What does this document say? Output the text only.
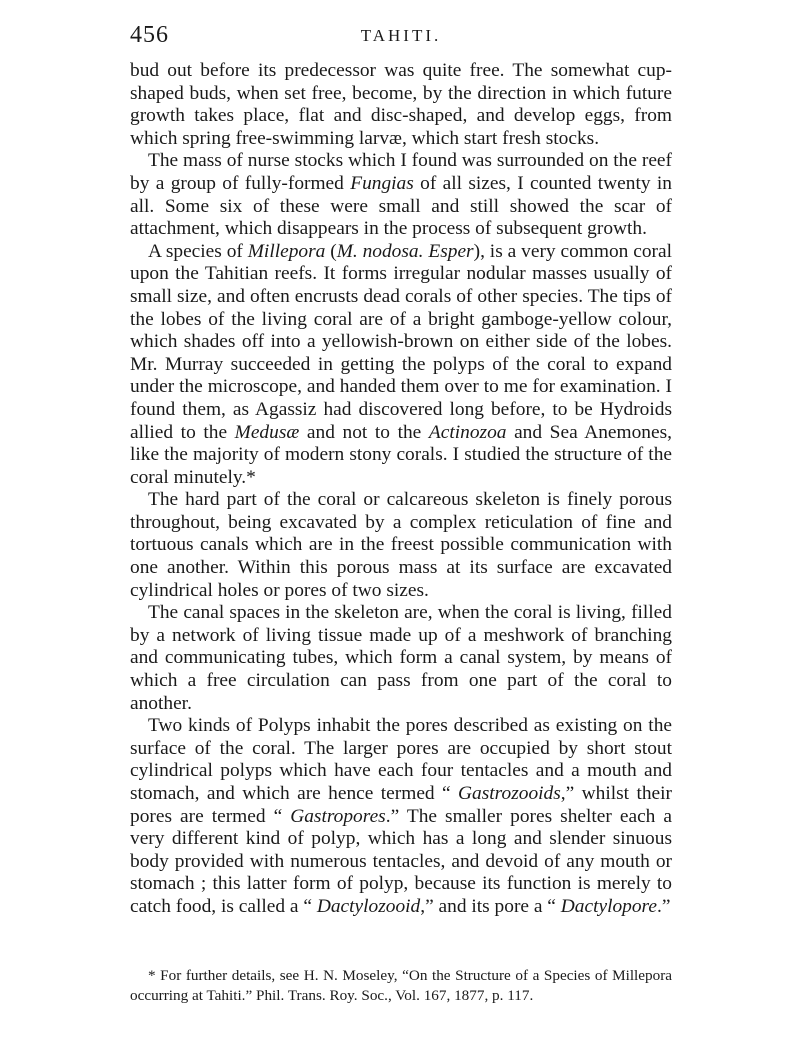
456	TAHITI.

bud out before its predecessor was quite free. The somewhat cup-shaped buds, when set free, become, by the direction in which future growth takes place, flat and disc-shaped, and develop eggs, from which spring free-swimming larvæ, which start fresh stocks.

The mass of nurse stocks which I found was surrounded on the reef by a group of fully-formed Fungias of all sizes, I counted twenty in all. Some six of these were small and still showed the scar of attachment, which disappears in the process of subsequent growth.

A species of Millepora (M. nodosa. Esper), is a very common coral upon the Tahitian reefs. It forms irregular nodular masses usually of small size, and often encrusts dead corals of other species. The tips of the lobes of the living coral are of a bright gamboge-yellow colour, which shades off into a yellowish-brown on either side of the lobes. Mr. Murray succeeded in getting the polyps of the coral to expand under the microscope, and handed them over to me for examination. I found them, as Agassiz had discovered long before, to be Hydroids allied to the Medusæ and not to the Actinozoa and Sea Anemones, like the majority of modern stony corals. I studied the structure of the coral minutely.*

The hard part of the coral or calcareous skeleton is finely porous throughout, being excavated by a complex reticulation of fine and tortuous canals which are in the freest possible communication with one another. Within this porous mass at its surface are excavated cylindrical holes or pores of two sizes.

The canal spaces in the skeleton are, when the coral is living, filled by a network of living tissue made up of a meshwork of branching and communicating tubes, which form a canal system, by means of which a free circulation can pass from one part of the coral to another.

Two kinds of Polyps inhabit the pores described as existing on the surface of the coral. The larger pores are occupied by short stout cylindrical polyps which have each four tentacles and a mouth and stomach, and which are hence termed “ Gastrozooids,” whilst their pores are termed “ Gastropores.” The smaller pores shelter each a very different kind of polyp, which has a long and slender sinuous body provided with numerous tentacles, and devoid of any mouth or stomach ; this latter form of polyp, because its function is merely to catch food, is called a “ Dactylozooid,” and its pore a “ Dactylopore.”

* For further details, see H. N. Moseley, “On the Structure of a Species of Millepora occurring at Tahiti.” Phil. Trans. Roy. Soc., Vol. 167, 1877, p. 117.
